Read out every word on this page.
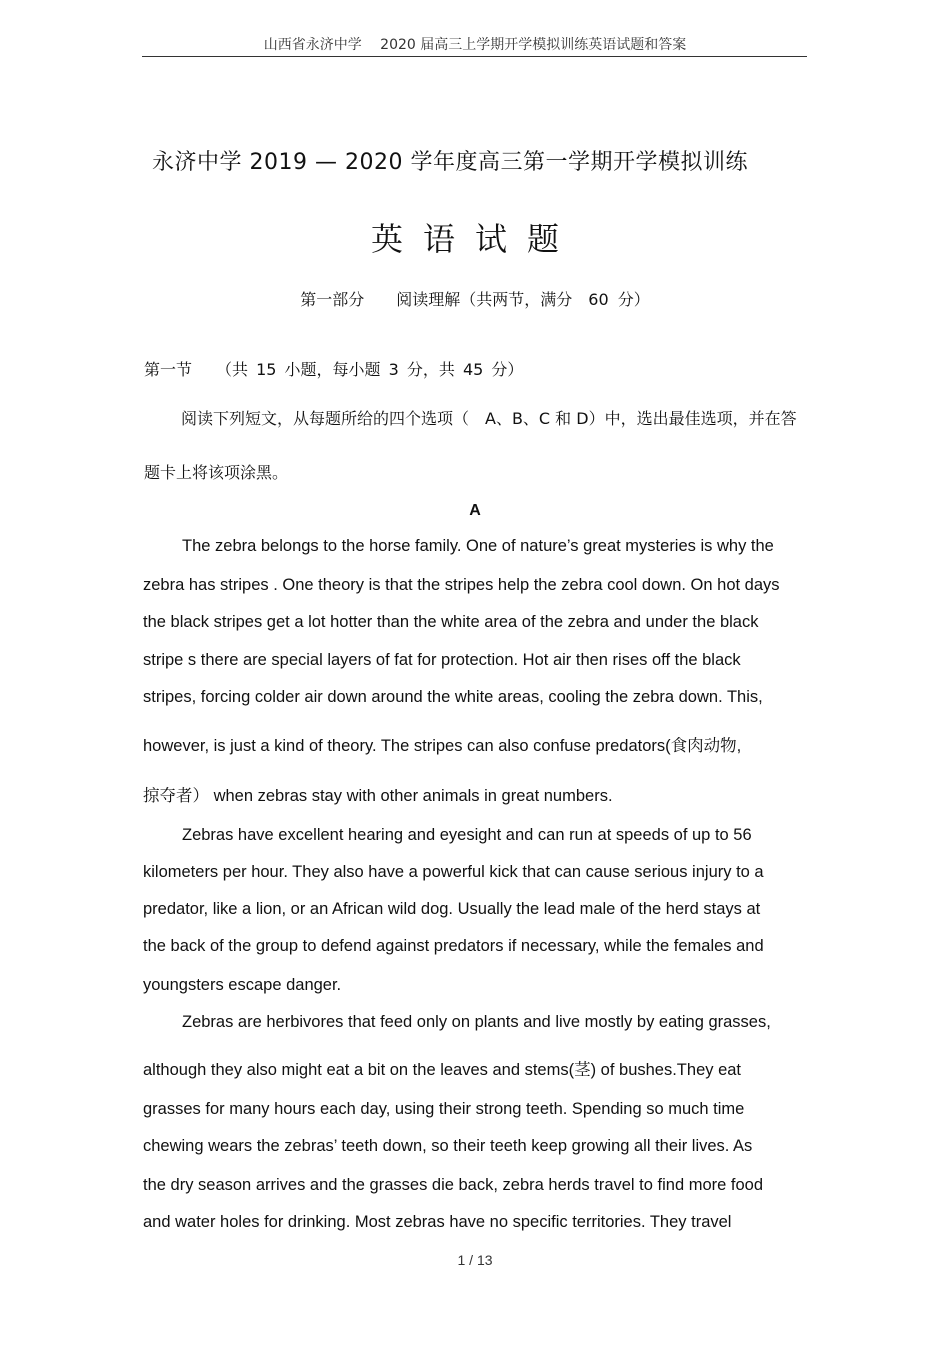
山西省永济中学　 2020 届高三上学期开学模拟训练英语试题和答案
永济中学 2019 — 2020 学年度高三第一学期开学模拟训练
英语试题
第一部分　　阅读理解（共两节，满分　60 分）
第一节　　（共 15 小题，每小题 3 分，共 45 分）
阅读下列短文，从每题所给的四个选项（　A、B、C 和 D）中，选出最佳选项，并在答题卡上将该项涂黑。
A
The zebra belongs to the horse family. One of nature’s great mysteries is why the
zebra has stripes . One theory is that the stripes help the zebra cool down. On hot days
the black stripes get a lot hotter than the white area of the zebra and under the black
stripe s there are special layers of fat for protection. Hot air then rises off the black
stripes, forcing colder air down around the white areas, cooling the zebra down. This,
however, is just a kind of theory. The stripes can also confuse predators(食肉动物,
掠夺者） when zebras stay with other animals in great numbers.
Zebras have excellent hearing and eyesight and can run at speeds of up to 56
kilometers per hour. They also have a powerful kick that can cause serious injury to a
predator, like a lion, or an African wild dog. Usually the lead male of the herd stays at
the back of the group to defend against predators if necessary, while the females and
youngsters escape danger.
Zebras are herbivores that feed only on plants and live mostly by eating grasses,
although they also might eat a bit on the leaves and stems(茎) of bushes.They eat
grasses for many hours each day, using their strong teeth. Spending so much time
chewing wears the zebras’ teeth down, so their teeth keep growing all their lives. As
the dry season arrives and the grasses die back, zebra herds travel to find more food
and water holes for drinking. Most zebras have no specific territories. They travel
1 / 13
